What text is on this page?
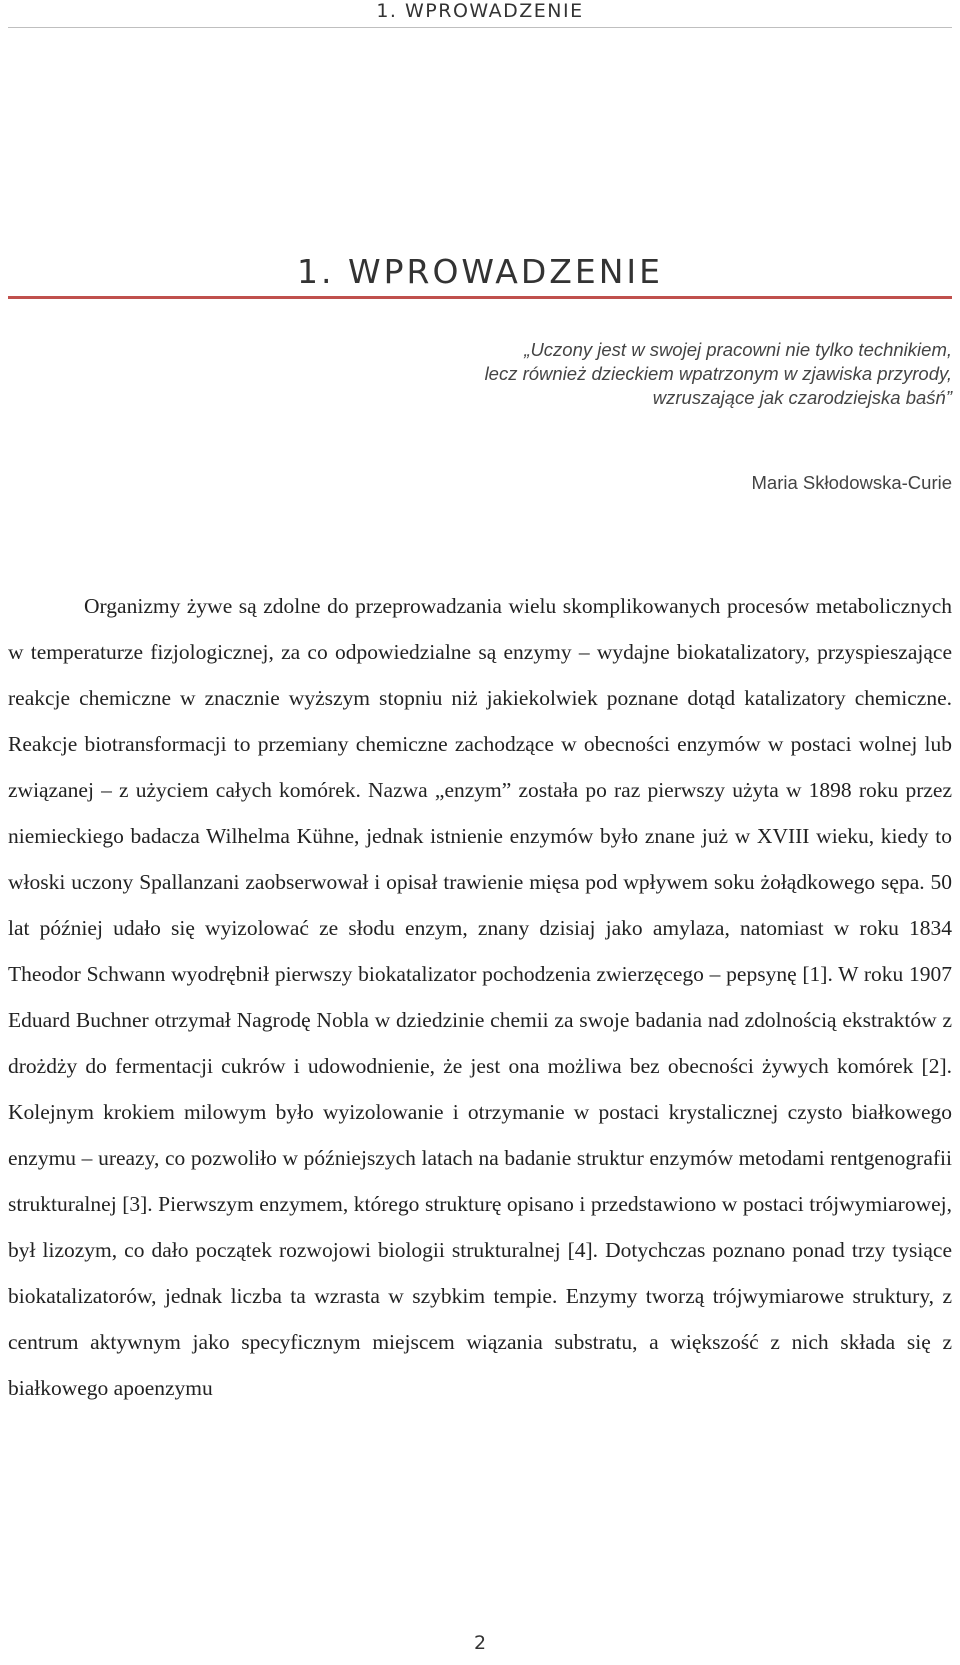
1. WPROWADZENIE
1. WPROWADZENIE
„Uczony jest w swojej pracowni nie tylko technikiem,
lecz również dzieckiem wpatrzonym w zjawiska przyrody,
wzruszające jak czarodziejska baśń”
Maria Skłodowska-Curie

Organizmy żywe są zdolne do przeprowadzania wielu skomplikowanych procesów metabolicznych w temperaturze fizjologicznej, za co odpowiedzialne są enzymy – wydajne biokatalizatory, przyspieszające reakcje chemiczne w znacznie wyższym stopniu niż jakiekolwiek poznane dotąd katalizatory chemiczne. Reakcje biotransformacji to przemiany chemiczne zachodzące w obecności enzymów w postaci wolnej lub związanej – z użyciem całych komórek. Nazwa „enzym” została po raz pierwszy użyta w 1898 roku przez niemieckiego badacza Wilhelma Kühne, jednak istnienie enzymów było znane już w XVIII wieku, kiedy to włoski uczony Spallanzani zaobserwował i opisał trawienie mięsa pod wpływem soku żołądkowego sępa. 50 lat później udało się wyizolować ze słodu enzym, znany dzisiaj jako amylaza, natomiast w roku 1834 Theodor Schwann wyodrębnił pierwszy biokatalizator pochodzenia zwierzęcego – pepsynę [1]. W roku 1907 Eduard Buchner otrzymał Nagrodę Nobla w dziedzinie chemii za swoje badania nad zdolnością ekstraktów z drożdży do fermentacji cukrów i udowodnienie, że jest ona możliwa bez obecności żywych komórek [2]. Kolejnym krokiem milowym było wyizolowanie i otrzymanie w postaci krystalicznej czysto białkowego enzymu – ureazy, co pozwoliło w późniejszych latach na badanie struktur enzymów metodami rentgenografii strukturalnej [3]. Pierwszym enzymem, którego strukturę opisano i przedstawiono w postaci trójwymiarowej, był lizozym, co dało początek rozwojowi biologii strukturalnej [4]. Dotychczas poznano ponad trzy tysiące biokatalizatorów, jednak liczba ta wzrasta w szybkim tempie. Enzymy tworzą trójwymiarowe struktury, z centrum aktywnym jako specyficznym miejscem wiązania substratu, a większość z nich składa się z białkowego apoenzymu

2
